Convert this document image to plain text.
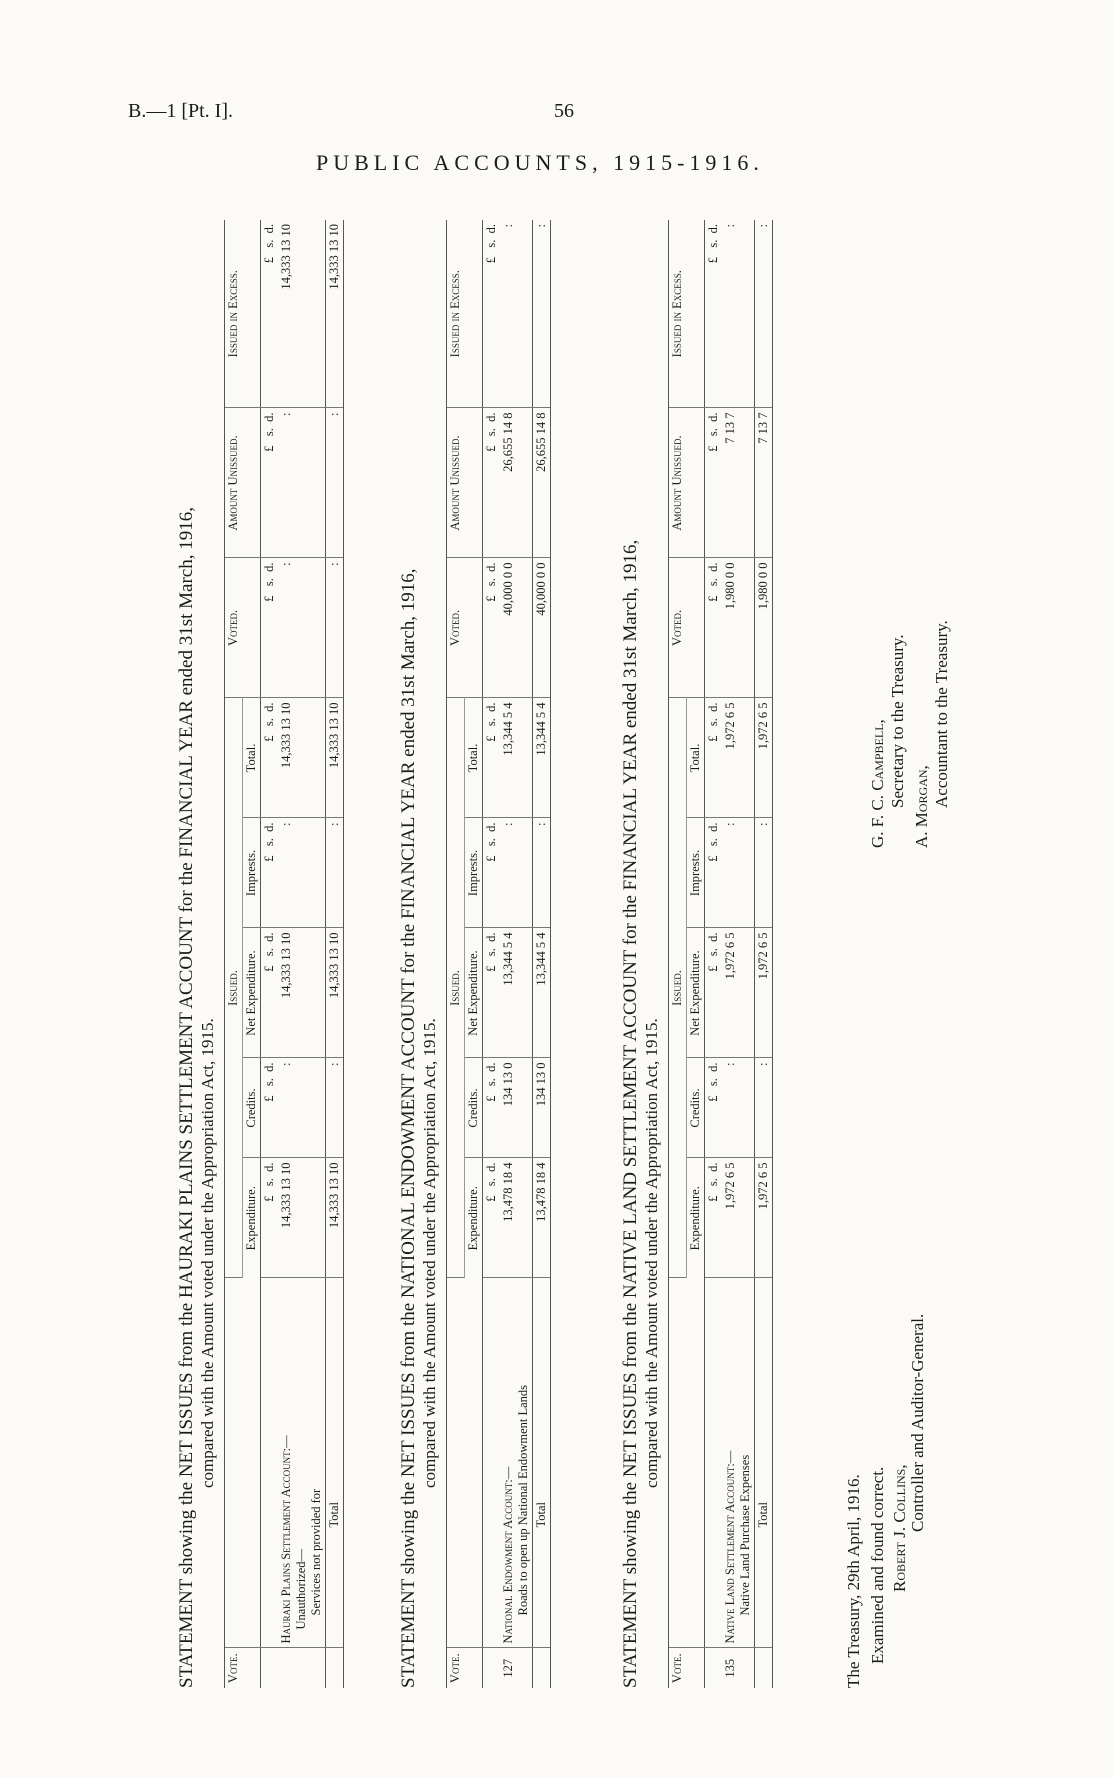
B.—1 [Pt. I].	56
PUBLIC ACCOUNTS, 1915-1916.
STATEMENT showing the NET ISSUES from the HAURAKI PLAINS SETTLEMENT ACCOUNT for the FINANCIAL YEAR ended 31st March, 1916, compared with the Amount voted under the Appropriation Act, 1915.
Vote.		Issued.					Voted.	Amount Unissued.	Issued in Excess.
		Expenditure.	Credits.	Net Expenditure.	Imprests.	Total.			
		£   s.  d.	£   s.  d.	£   s.  d.	£   s.  d.	£   s.  d.	£   s.  d.	£   s.  d.	£   s.  d.

	Hauraki Plains Settlement Account:— Unauthorized— Services not provided for	14,333 13 10	:	14,333 13 10	:	14,333 13 10	:	:	14,333 13 10
	Total	14,333 13 10	:	14,333 13 10	:	14,333 13 10	:	:	14,333 13 10
STATEMENT showing the NET ISSUES from the NATIONAL ENDOWMENT ACCOUNT for the FINANCIAL YEAR ended 31st March, 1916, compared with the Amount voted under the Appropriation Act, 1915.
Vote.		Issued.					Voted.	Amount Unissued.	Issued in Excess.
		Expenditure.	Credits.	Net Expenditure.	Imprests.	Total.			
		£   s.  d.	£   s.  d.	£   s.  d.	£   s.  d.	£   s.  d.	£   s.  d.	£   s.  d.	£   s.  d.
127	National Endowment Account:— Roads to open up National Endowment Lands	13,478 18 4	134 13 0	13,344 5 4	:	13,344 5 4	40,000 0 0	26,655 14 8	:
	Total	13,478 18 4	134 13 0	13,344 5 4	:	13,344 5 4	40,000 0 0	26,655 14 8	:
STATEMENT showing the NET ISSUES from the NATIVE LAND SETTLEMENT ACCOUNT for the FINANCIAL YEAR ended 31st March, 1916, compared with the Amount voted under the Appropriation Act, 1915.
Vote.		Issued.					Voted.	Amount Unissued.	Issued in Excess.
		Expenditure.	Credits.	Net Expenditure.	Imprests.	Total.			
		£   s.  d.	£   s.  d.	£   s.  d.	£   s.  d.	£   s.  d.	£   s.  d.	£   s.  d.	£   s.  d.
135	Native Land Settlement Account:— Native Land Purchase Expenses	1,972 6 5	:	1,972 6 5	:	1,972 6 5	1,980 0 0	7 13 7	:
	Total	1,972 6 5	:	1,972 6 5	:	1,972 6 5	1,980 0 0	7 13 7	:
The Treasury, 29th April, 1916. Examined and found correct. Robert J. Collins, Controller and Auditor-General.
G. F. C. Campbell, Secretary to the Treasury. A. Morgan, Accountant to the Treasury.
